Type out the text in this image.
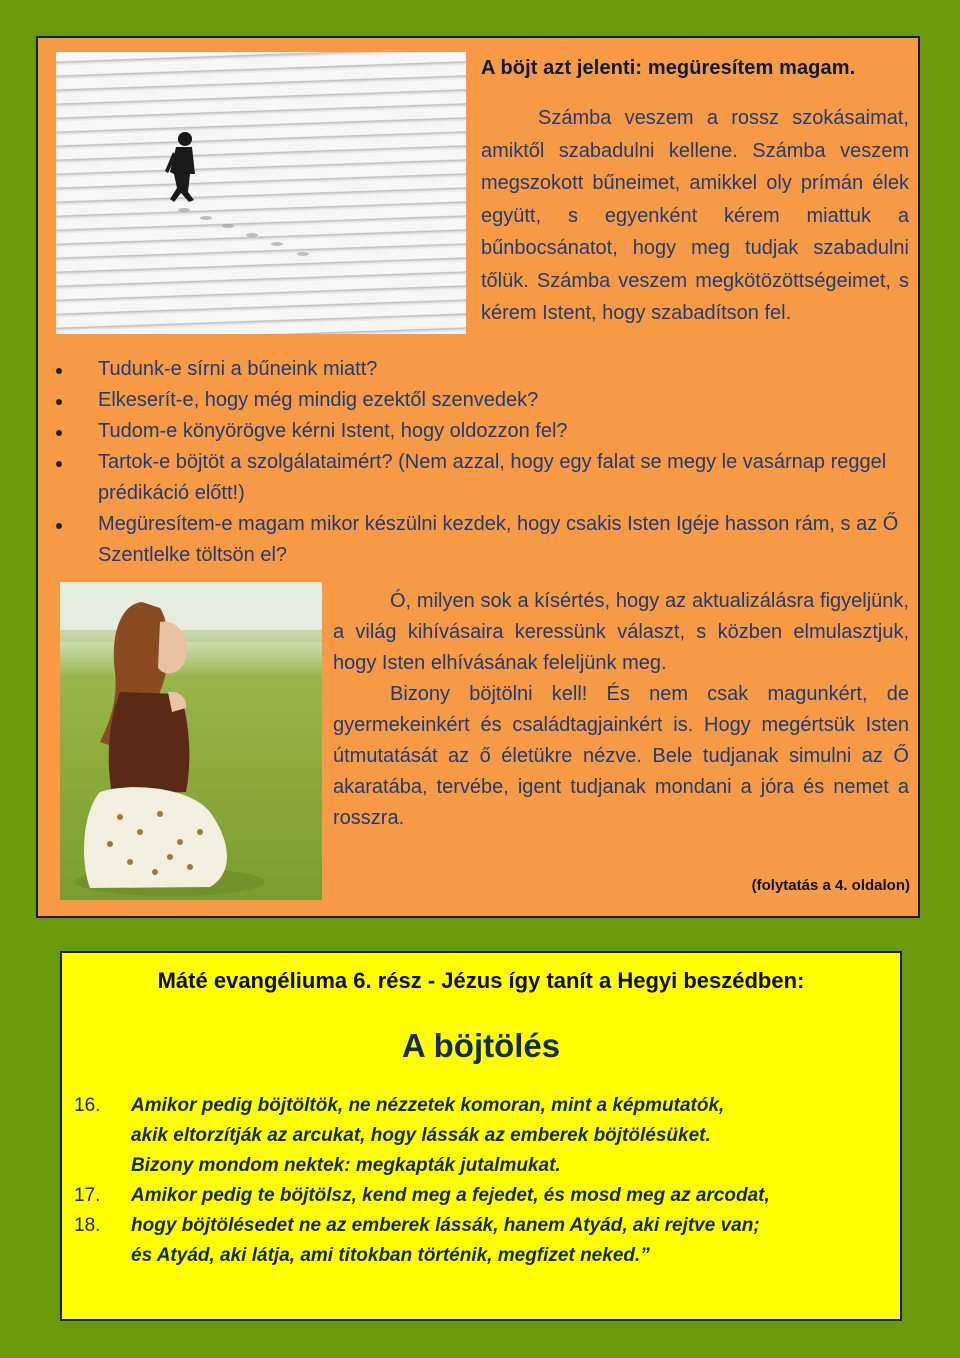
A böjt azt jelenti: megüresítem magam.

Számba veszem a rossz szokásaimat, amiktől szabadulni kellene. Számba veszem megszokott bűneimet, amikkel oly prímán élek együtt, s egyenként kérem miattuk a bűnbocsánatot, hogy meg tudjak szabadulni tőlük. Számba veszem megkötözöttségeimet, s kérem Istent, hogy szabadítson fel.

Tudunk-e sírni a bűneink miatt?
Elkeserít-e, hogy még mindig ezektől szenvedek?
Tudom-e könyörögve kérni Istent, hogy oldozzon fel?
Tartok-e böjtöt a szolgálataimért? (Nem azzal, hogy egy falat se megy le vasárnap reggel prédikáció előtt!)
Megüresítem-e magam mikor készülni kezdek, hogy csakis Isten Igéje hasson rám, s az Ő Szentlelke töltsön el?

Ó, milyen sok a kísértés, hogy az aktualizálásra figyeljünk, a világ kihívásaira keressünk választ, s közben elmulasztjuk, hogy Isten elhívásának feleljünk meg.

Bizony böjtölni kell! És nem csak magunkért, de gyermekeinkért és családtagjainkért is. Hogy megértsük Isten útmutatását az ő életükre nézve. Bele tudjanak simulni az Ő akaratába, tervébe, igent tudjanak mondani a jóra és nemet a rosszra.

(folytatás a 4. oldalon)

Máté evangéliuma 6. rész - Jézus így tanít a Hegyi beszédben:
A böjtölés
16.
17.
18.

Amikor pedig böjtöltök, ne nézzetek komoran, mint a képmutatók,

akik eltorzítják az arcukat, hogy lássák az emberek böjtölésüket.

Bizony mondom nektek: megkapták jutalmukat.

Amikor pedig te böjtölsz, kend meg a fejedet, és mosd meg az arcodat,

hogy böjtölésedet ne az emberek lássák, hanem Atyád, aki rejtve van;

és Atyád, aki látja, ami titokban történik, megfizet neked.”
